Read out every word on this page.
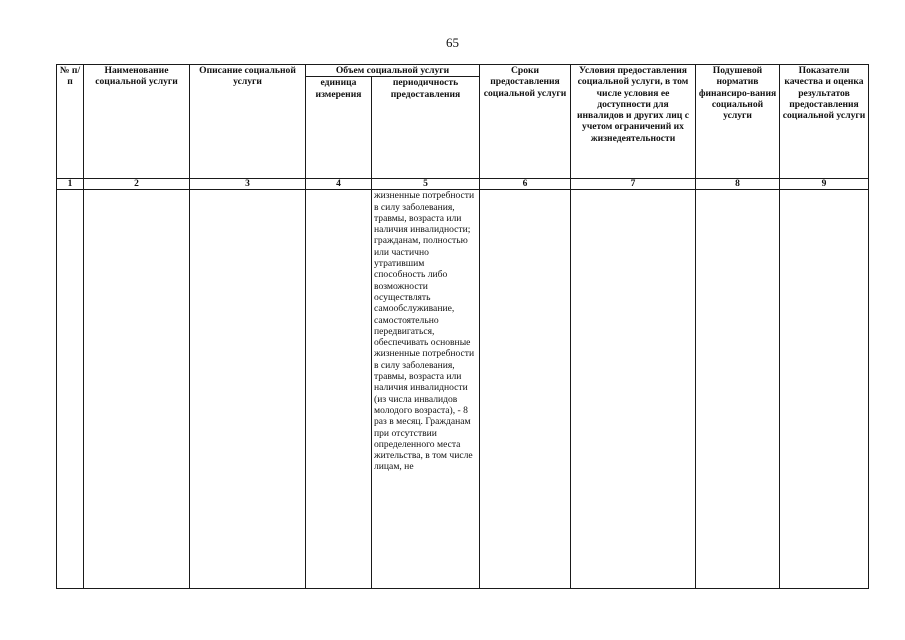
65
№ п/п	Наименование социальной услуги	Описание социальной услуги	Объем социальной услуги		Сроки предоставления социальной услуги	Условия предоставления социальной услуги, в том числе условия ее доступности для инвалидов и других лиц с учетом ограничений их жизнедеятельности	Подушевой норматив финансиро-вания социальной услуги	Показатели качества и оценка результатов предоставления социальной услуги
			единица измерения	периодичность предоставления				
1	2	3	4	5	6	7	8	9
				жизненные потребности в силу заболевания, травмы, возраста или наличия инвалидности; гражданам, полностью или частично утратившим способность либо возможности осуществлять самообслуживание, самостоятельно передвигаться, обеспечивать основные жизненные потребности в силу заболевания, травмы, возраста или наличия инвалидности (из числа инвалидов молодого возраста), - 8 раз в месяц. Гражданам при отсутствии определенного места жительства, в том числе лицам, не				
